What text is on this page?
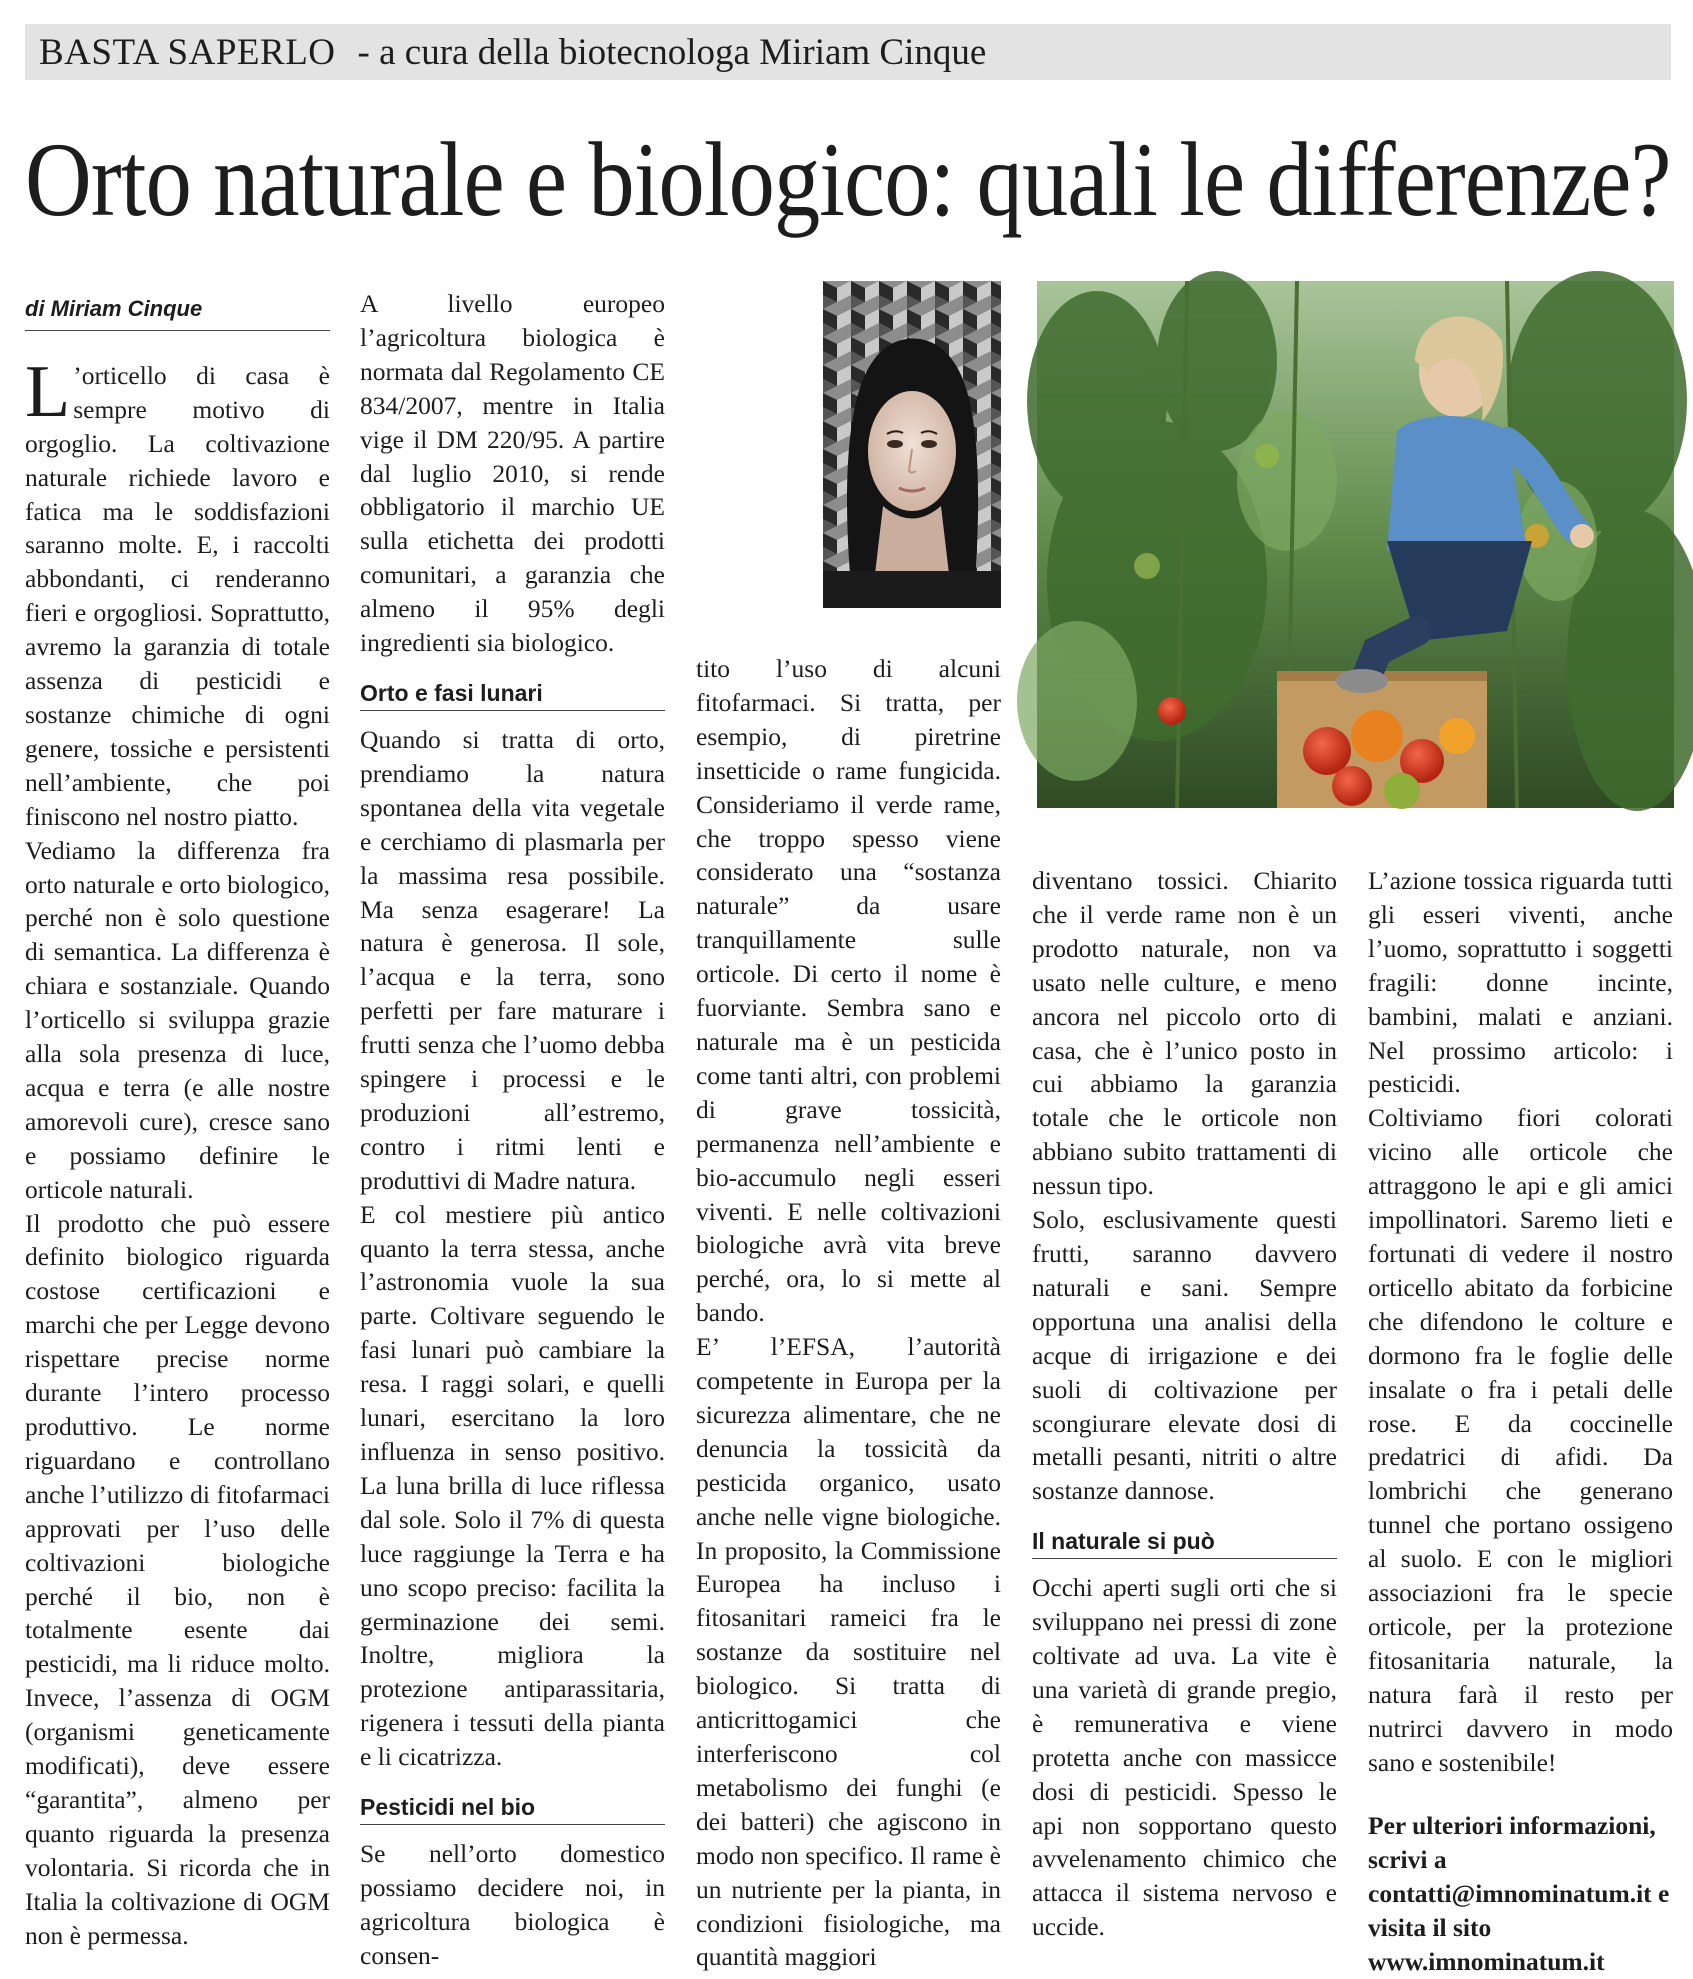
BASTA SAPERLO - a cura della biotecnologa Miriam Cinque
Orto naturale e biologico: quali le differenze?
di Miriam Cinque

L ’orticello di casa è sempre motivo di orgoglio. La coltivazione naturale richiede lavoro e fatica ma le soddisfazioni saranno molte. E, i raccolti abbondanti, ci renderanno fieri e orgogliosi. Soprattutto, avremo la garanzia di totale assenza di pesticidi e sostanze chimiche di ogni genere, tossiche e persistenti nell’ambiente, che poi finiscono nel nostro piatto.

Vediamo la differenza fra orto naturale e orto biologico, perché non è solo questione di semantica. La differenza è chiara e sostanziale. Quando l’orticello si sviluppa grazie alla sola presenza di luce, acqua e terra (e alle nostre amorevoli cure), cresce sano e possiamo definire le orticole naturali.

Il prodotto che può essere definito biologico riguarda costose certificazioni e marchi che per Legge devono rispettare precise norme durante l’intero processo produttivo. Le norme riguardano e controllano anche l’utilizzo di fitofarmaci approvati per l’uso delle coltivazioni biologiche perché il bio, non è totalmente esente dai pesticidi, ma li riduce molto. Invece, l’assenza di OGM (organismi geneticamente modificati), deve essere “garantita”, almeno per quanto riguarda la presenza volontaria. Si ricorda che in Italia la coltivazione di OGM non è permessa.

A livello europeo l’agricoltura biologica è normata dal Regolamento CE 834/2007, mentre in Italia vige il DM 220/95. A partire dal luglio 2010, si rende obbligatorio il marchio UE sulla etichetta dei prodotti comunitari, a garanzia che almeno il 95% degli ingredienti sia biologico.

Orto e fasi lunari

Quando si tratta di orto, prendiamo la natura spontanea della vita vegetale e cerchiamo di plasmarla per la massima resa possibile. Ma senza esagerare! La natura è generosa. Il sole, l’acqua e la terra, sono perfetti per fare maturare i frutti senza che l’uomo debba spingere i processi e le produzioni all’estremo, contro i ritmi lenti e produttivi di Madre natura.

E col mestiere più antico quanto la terra stessa, anche l’astronomia vuole la sua parte. Coltivare seguendo le fasi lunari può cambiare la resa. I raggi solari, e quelli lunari, esercitano la loro influenza in senso positivo. La luna brilla di luce riflessa dal sole. Solo il 7% di questa luce raggiunge la Terra e ha uno scopo preciso: facilita la germinazione dei semi. Inoltre, migliora la protezione antiparassitaria, rigenera i tessuti della pianta e li cicatrizza.

Pesticidi nel bio

Se nell’orto domestico possiamo decidere noi, in agricoltura biologica è consen-

tito l’uso di alcuni fitofarmaci. Si tratta, per esempio, di piretrine insetticide o rame fungicida. Consideriamo il verde rame, che troppo spesso viene considerato una “sostanza naturale” da usare tranquillamente sulle orticole. Di certo il nome è fuorviante. Sembra sano e naturale ma è un pesticida come tanti altri, con problemi di grave tossicità, permanenza nell’ambiente e bio-accumulo negli esseri viventi. E nelle coltivazioni biologiche avrà vita breve perché, ora, lo si mette al bando.

E’ l’EFSA, l’autorità competente in Europa per la sicurezza alimentare, che ne denuncia la tossicità da pesticida organico, usato anche nelle vigne biologiche. In proposito, la Commissione Europea ha incluso i fitosanitari rameici fra le sostanze da sostituire nel biologico. Si tratta di anticrittogamici che interferiscono col metabolismo dei funghi (e dei batteri) che agiscono in modo non specifico. Il rame è un nutriente per la pianta, in condizioni fisiologiche, ma quantità maggiori

diventano tossici. Chiarito che il verde rame non è un prodotto naturale, non va usato nelle culture, e meno ancora nel piccolo orto di casa, che è l’unico posto in cui abbiamo la garanzia totale che le orticole non abbiano subito trattamenti di nessun tipo.

Solo, esclusivamente questi frutti, saranno davvero naturali e sani. Sempre opportuna una analisi della acque di irrigazione e dei suoli di coltivazione per scongiurare elevate dosi di metalli pesanti, nitriti o altre sostanze dannose.

Il naturale si può

Occhi aperti sugli orti che si sviluppano nei pressi di zone coltivate ad uva. La vite è una varietà di grande pregio, è remunerativa e viene protetta anche con massicce dosi di pesticidi. Spesso le api non sopportano questo avvelenamento chimico che attacca il sistema nervoso e uccide.

L’azione tossica riguarda tutti gli esseri viventi, anche l’uomo, soprattutto i soggetti fragili: donne incinte, bambini, malati e anziani. Nel prossimo articolo: i pesticidi.

Coltiviamo fiori colorati vicino alle orticole che attraggono le api e gli amici impollinatori. Saremo lieti e fortunati di vedere il nostro orticello abitato da forbicine che difendono le colture e dormono fra le foglie delle insalate o fra i petali delle rose. E da coccinelle predatrici di afidi. Da lombrichi che generano tunnel che portano ossigeno al suolo. E con le migliori associazioni fra le specie orticole, per la protezione fitosanitaria naturale, la natura farà il resto per nutrirci davvero in modo sano e sostenibile!

Per ulteriori informazioni, scrivi a contatti@imnominatum.it e visita il sito www.imnominatum.it
